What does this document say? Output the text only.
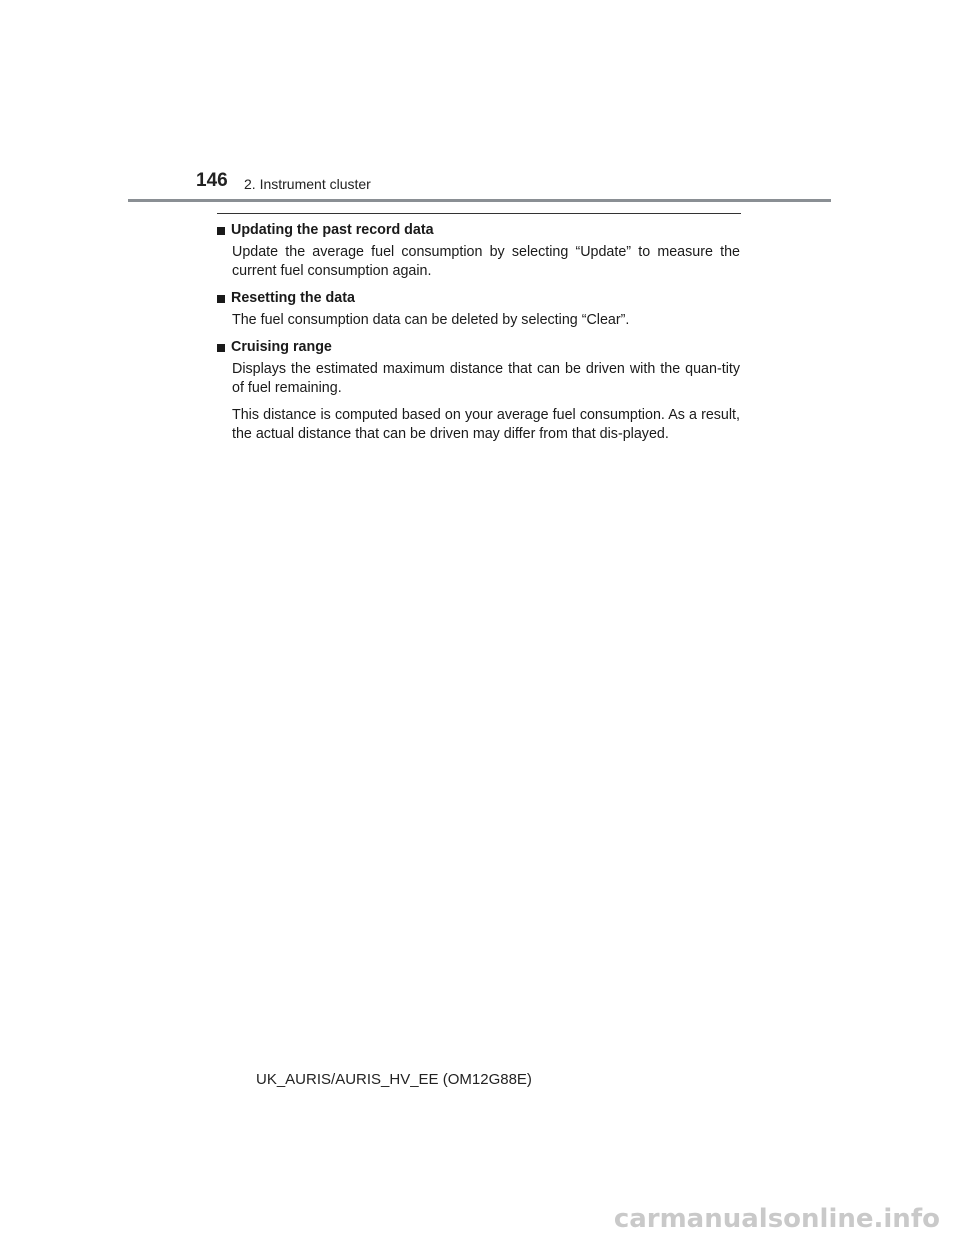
146 2. Instrument cluster
Updating the past record data

Update the average fuel consumption by selecting “Update” to measure the current fuel consumption again.

Resetting the data

The fuel consumption data can be deleted by selecting “Clear”.

Cruising range

Displays the estimated maximum distance that can be driven with the quan-tity of fuel remaining.

This distance is computed based on your average fuel consumption. As a result, the actual distance that can be driven may differ from that dis-played.

UK_AURIS/AURIS_HV_EE (OM12G88E)
carmanualsonline.info
